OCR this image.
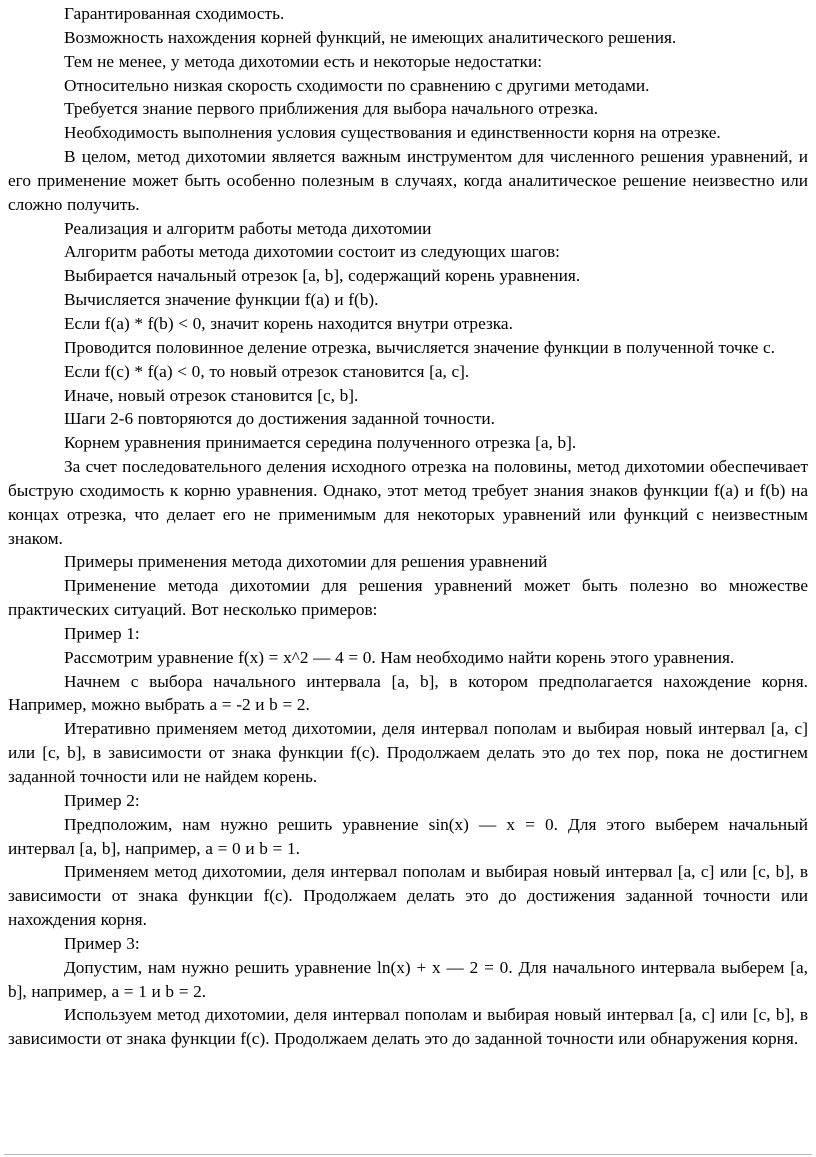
Гарантированная сходимость.

Возможность нахождения корней функций, не имеющих аналитического решения.

Тем не менее, у метода дихотомии есть и некоторые недостатки:

Относительно низкая скорость сходимости по сравнению с другими методами.

Требуется знание первого приближения для выбора начального отрезка.

Необходимость выполнения условия существования и единственности корня на отрезке.

В целом, метод дихотомии является важным инструментом для численного решения уравнений, и его применение может быть особенно полезным в случаях, когда аналитическое решение неизвестно или сложно получить.

Реализация и алгоритм работы метода дихотомии

Алгоритм работы метода дихотомии состоит из следующих шагов:

Выбирается начальный отрезок [a, b], содержащий корень уравнения.

Вычисляется значение функции f(a) и f(b).

Если f(a) * f(b) < 0, значит корень находится внутри отрезка.

Проводится половинное деление отрезка, вычисляется значение функции в полученной точке c.

Если f(c) * f(a) < 0, то новый отрезок становится [a, c].

Иначе, новый отрезок становится [c, b].

Шаги 2-6 повторяются до достижения заданной точности.

Корнем уравнения принимается середина полученного отрезка [a, b].

За счет последовательного деления исходного отрезка на половины, метод дихотомии обеспечивает быструю сходимость к корню уравнения. Однако, этот метод требует знания знаков функции f(a) и f(b) на концах отрезка, что делает его не применимым для некоторых уравнений или функций с неизвестным знаком.

Примеры применения метода дихотомии для решения уравнений

Применение метода дихотомии для решения уравнений может быть полезно во множестве практических ситуаций. Вот несколько примеров:

Пример 1:

Рассмотрим уравнение f(x) = x^2 — 4 = 0. Нам необходимо найти корень этого уравнения.

Начнем с выбора начального интервала [a, b], в котором предполагается нахождение корня. Например, можно выбрать a = -2 и b = 2.

Итеративно применяем метод дихотомии, деля интервал пополам и выбирая новый интервал [a, c] или [c, b], в зависимости от знака функции f(c). Продолжаем делать это до тех пор, пока не достигнем заданной точности или не найдем корень.

Пример 2:

Предположим, нам нужно решить уравнение sin(x) — x = 0. Для этого выберем начальный интервал [a, b], например, a = 0 и b = 1.

Применяем метод дихотомии, деля интервал пополам и выбирая новый интервал [a, c] или [c, b], в зависимости от знака функции f(c). Продолжаем делать это до достижения заданной точности или нахождения корня.

Пример 3:

Допустим, нам нужно решить уравнение ln(x) + x — 2 = 0. Для начального интервала выберем [a, b], например, a = 1 и b = 2.

Используем метод дихотомии, деля интервал пополам и выбирая новый интервал [a, c] или [c, b], в зависимости от знака функции f(c). Продолжаем делать это до заданной точности или обнаружения корня.
